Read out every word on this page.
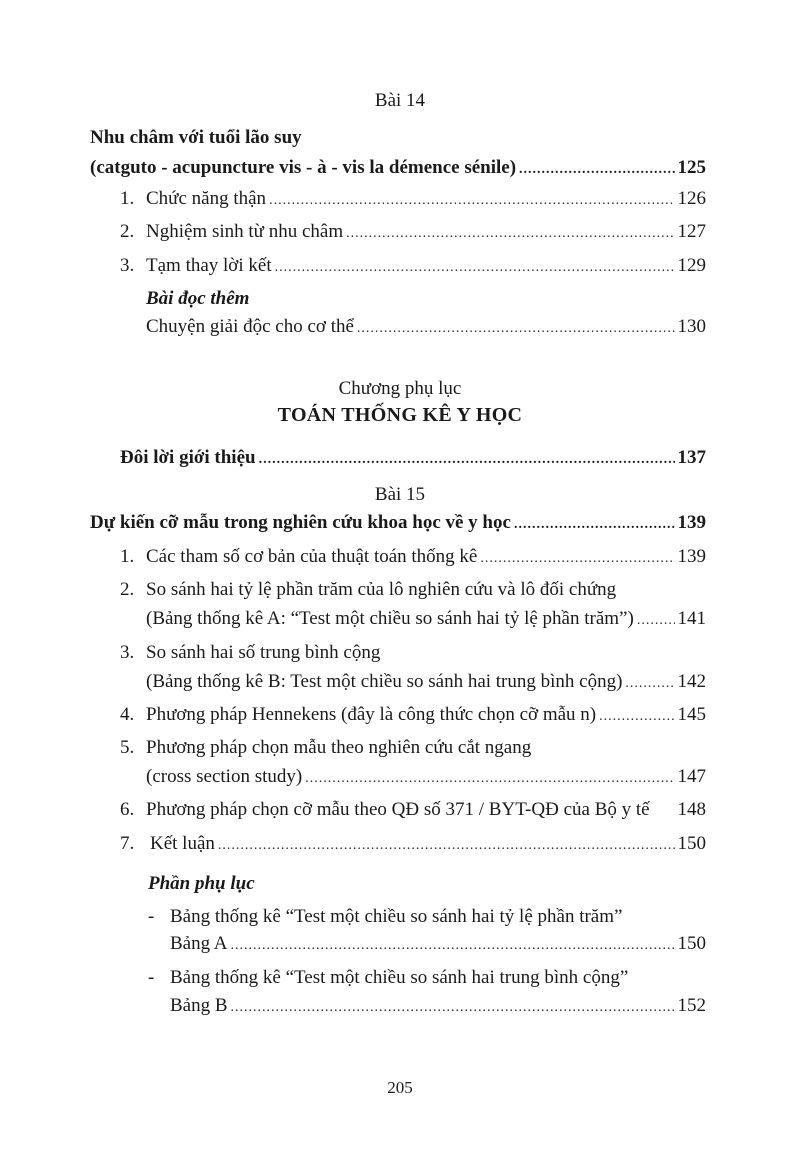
Bài 14
Nhu châm với tuổi lão suy
(catguto - acupuncture vis - à - vis la démence sénile) .....	125
1. Chức năng thận .....	126
2. Nghiệm sinh từ nhu châm .....	127
3. Tạm thay lời kết .....	129
Bài đọc thêm
Chuyện giải độc cho cơ thể .....	130
Chương phụ lục
TOÁN THỐNG KÊ Y HỌC
Đôi lời giới thiệu .....	137
Bài 15
Dự kiến cỡ mẫu trong nghiên cứu khoa học về y học .....	139
1. Các tham số cơ bản của thuật toán thống kê .....	139
2. So sánh hai tỷ lệ phần trăm của lô nghiên cứu và lô đối chứng
(Bảng thống kê A: “Test một chiều so sánh hai tỷ lệ phần trăm”) ..... 141
3. So sánh hai số trung bình cộng
(Bảng thống kê B: Test một chiều so sánh hai trung bình cộng) .....	142
4. Phương pháp Hennekens (đây là công thức chọn cỡ mẫu n) .....	145
5. Phương pháp chọn mẫu theo nghiên cứu cắt ngang
(cross section study) .....	147
6. Phương pháp chọn cỡ mẫu theo QĐ số 371 / BYT-QĐ của Bộ y tế	148
7. Kết luận .....	150
Phần phụ lục
- Bảng thống kê “Test một chiều so sánh hai tỷ lệ phần trăm”
Bảng A .....	150
- Bảng thống kê “Test một chiều so sánh hai trung bình cộng”
Bảng B .....	152
205
